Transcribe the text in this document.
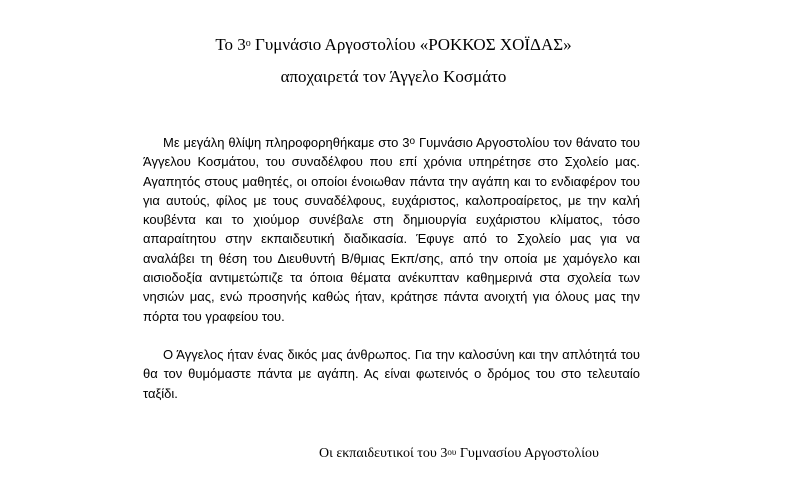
Το $3^o$ Γυμνάσιο Αργοστολίου «ΡΟΚΚΟΣ ΧΟΪΔΑΣ»
αποχαιρετά τον Άγγελο Κοσμάτο

Με μεγάλη θλίψη πληροφορηθήκαμε στο $3^o$ Γυμνάσιο Αργοστολίου τον θάνατο του Άγγελου Κοσμάτου, του συναδέλφου που επί χρόνια υπηρέτησε στο Σχολείο μας. Αγαπητός στους μαθητές, οι οποίοι ένοιωθαν πάντα την αγάπη και το ενδιαφέρον του για αυτούς, φίλος με τους συναδέλφους, ευχάριστος, καλοπροαίρετος, με την καλή κουβέντα και το χιούμορ συνέβαλε στη δημιουργία ευχάριστου κλίματος, τόσο απαραίτητου στην εκπαιδευτική διαδικασία. Έφυγε από το Σχολείο μας για να αναλάβει τη θέση του Διευθυντή Β/θμιας Εκπ/σης, από την οποία με χαμόγελο και αισιοδοξία αντιμετώπιζε τα όποια θέματα ανέκυπταν καθημερινά στα σχολεία των νησιών μας, ενώ προσηνής καθώς ήταν, κράτησε πάντα ανοιχτή για όλους μας την πόρτα του γραφείου του.

Ο Άγγελος ήταν ένας δικός μας άνθρωπος. Για την καλοσύνη και την απλότητά του θα τον θυμόμαστε πάντα με αγάπη. Ας είναι φωτεινός ο δρόμος του στο τελευταίο ταξίδι.

Οι εκπαιδευτικοί του $3^{o\upsilon}$ Γυμνασίου Αργοστολίου
